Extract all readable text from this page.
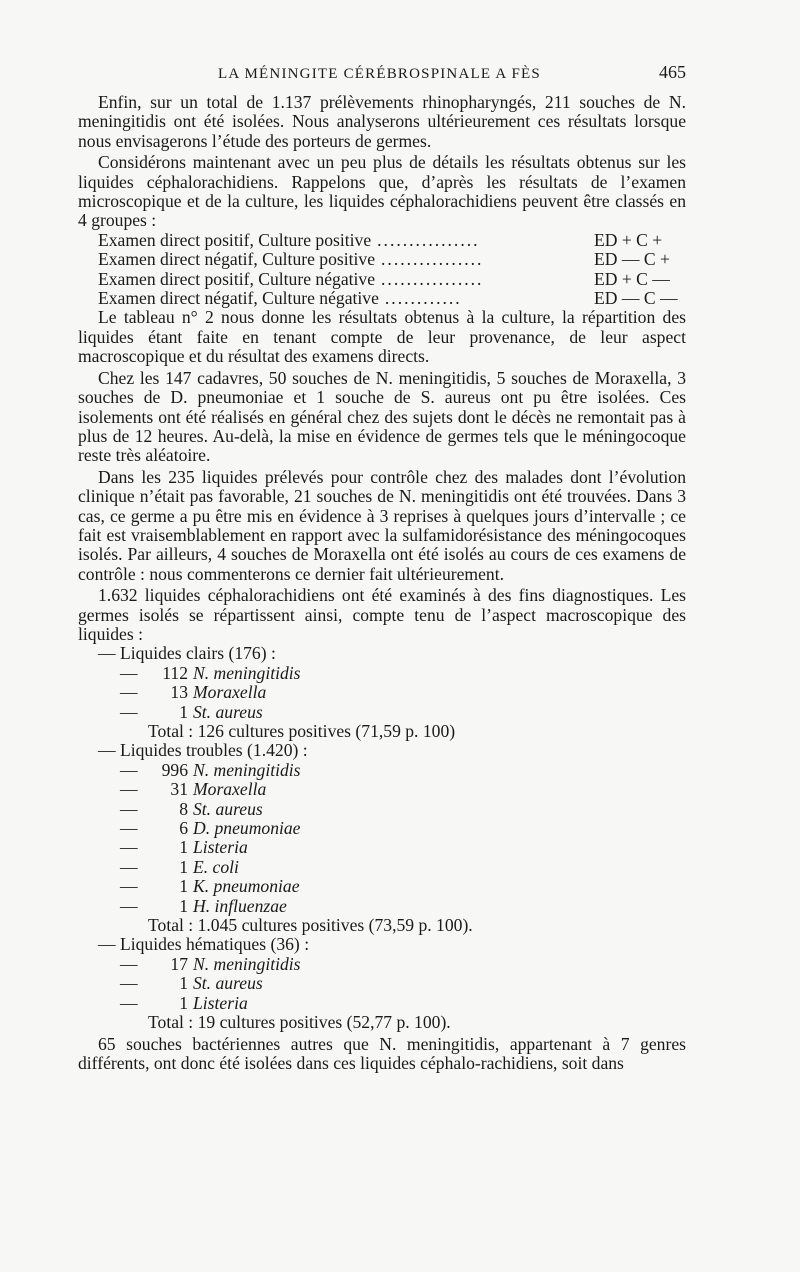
LA MÉNINGITE CÉRÉBROSPINALE A FÈS	465

Enfin, sur un total de 1.137 prélèvements rhinopharyngés, 211 souches de N. meningitidis ont été isolées. Nous analyserons ultérieurement ces résultats lorsque nous envisagerons l’étude des porteurs de germes.

Considérons maintenant avec un peu plus de détails les résultats obtenus sur les liquides céphalorachidiens. Rappelons que, d’après les résultats de l’examen microscopique et de la culture, les liquides céphalorachidiens peuvent être classés en 4 groupes :

Examen direct positif, Culture positive ................	ED + C +
Examen direct négatif, Culture positive ................	ED — C +
Examen direct positif, Culture négative ................	ED + C —
Examen direct négatif, Culture négative ............	ED — C —

Le tableau n° 2 nous donne les résultats obtenus à la culture, la répartition des liquides étant faite en tenant compte de leur provenance, de leur aspect macroscopique et du résultat des examens directs.

Chez les 147 cadavres, 50 souches de N. meningitidis, 5 souches de Moraxella, 3 souches de D. pneumoniae et 1 souche de S. aureus ont pu être isolées. Ces isolements ont été réalisés en général chez des sujets dont le décès ne remontait pas à plus de 12 heures. Au-delà, la mise en évidence de germes tels que le méningocoque reste très aléatoire.

Dans les 235 liquides prélevés pour contrôle chez des malades dont l’évolution clinique n’était pas favorable, 21 souches de N. meningitidis ont été trouvées. Dans 3 cas, ce germe a pu être mis en évidence à 3 reprises à quelques jours d’intervalle ; ce fait est vraisemblablement en rapport avec la sulfamidorésistance des méningocoques isolés. Par ailleurs, 4 souches de Moraxella ont été isolés au cours de ces examens de contrôle : nous commenterons ce dernier fait ultérieurement.

1.632 liquides céphalorachidiens ont été examinés à des fins diagnostiques. Les germes isolés se répartissent ainsi, compte tenu de l’aspect macroscopique des liquides :

— Liquides clairs (176) :
— 112 N. meningitidis
— 13 Moraxella
— 1 St. aureus
Total : 126 cultures positives (71,59 p. 100)
— Liquides troubles (1.420) :
— 996 N. meningitidis
— 31 Moraxella
— 8 St. aureus
— 6 D. pneumoniae
— 1 Listeria
— 1 E. coli
— 1 K. pneumoniae
— 1 H. influenzae
Total : 1.045 cultures positives (73,59 p. 100).
— Liquides hématiques (36) :
— 17 N. meningitidis
— 1 St. aureus
— 1 Listeria
Total : 19 cultures positives (52,77 p. 100).

65 souches bactériennes autres que N. meningitidis, appartenant à 7 genres différents, ont donc été isolées dans ces liquides céphalo-rachidiens, soit dans
